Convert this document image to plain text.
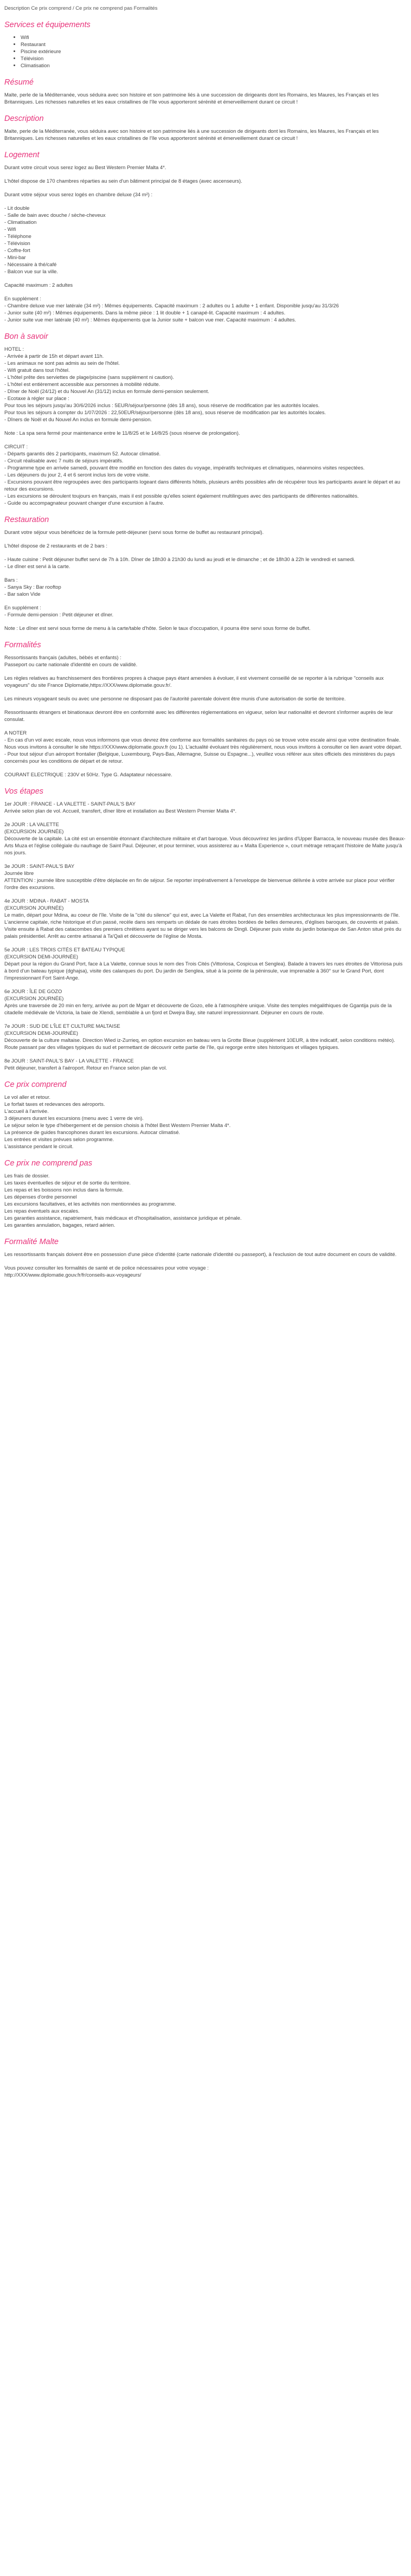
Description Ce prix comprend / Ce prix ne comprend pas Formalités
Services et équipements
• Wifi
• Restaurant
• Piscine extérieure
• Télévision
• Climatisation
Résumé

Malte, perle de la Méditerranée, vous séduira avec son histoire et son patrimoine liés à une succession de dirigeants dont les Romains, les Maures, les Français et les Britanniques. Les richesses naturelles et les eaux cristallines de l'île vous apporteront sérénité et émerveillement durant ce circuit !

Description

Malte, perle de la Méditerranée, vous séduira avec son histoire et son patrimoine liés à une succession de dirigeants dont les Romains, les Maures, les Français et les Britanniques. Les richesses naturelles et les eaux cristallines de l'île vous apporteront sérénité et émerveillement durant ce circuit !

Logement

Durant votre circuit vous serez logez au Best Western Premier Malta 4*.

L'hôtel dispose de 170 chambres réparties au sein d'un bâtiment principal de 8 étages (avec ascenseurs).

Durant votre séjour vous serez logés en chambre deluxe (34 m²) :

- Lit double
- Salle de bain avec douche / sèche-cheveux
- Climatisation
- Wifi
- Téléphone
- Télévision
- Coffre-fort
- Mini-bar
- Nécessaire à thé/café
- Balcon vue sur la ville.

Capacité maximum : 2 adultes

En supplément :
- Chambre deluxe vue mer latérale (34 m²) : Mêmes équipements. Capacité maximum : 2 adultes ou 1 adulte + 1 enfant. Disponible jusqu'au 31/3/26
- Junior suite (40 m²) : Mêmes équipements. Dans la même pièce : 1 lit double + 1 canapé-lit. Capacité maximum : 4 adultes.
- Junior suite vue mer latérale (40 m²) : Mêmes équipements que la Junior suite + balcon vue mer. Capacité maximum : 4 adultes.

Bon à savoir

HOTEL :
- Arrivée à partir de 15h et départ avant 11h.
- Les animaux ne sont pas admis au sein de l'hôtel.
- Wifi gratuit dans tout l'hôtel.
- L'hôtel prête des serviettes de plage/piscine (sans supplément ni caution).
- L'hôtel est entièrement accessible aux personnes à mobilité réduite.
- Dîner de Noël (24/12) et du Nouvel An (31/12) inclus en formule demi-pension seulement.
- Ecotaxe à régler sur place :
Pour tous les séjours jusqu'au 30/6/2026 inclus : 5EUR/séjour/personne (dès 18 ans), sous réserve de modification par les autorités locales.
Pour tous les séjours à compter du 1/07/2026 : 22,50EUR/séjour/personne (dès 18 ans), sous réserve de modification par les autorités locales.
- Dîners de Noël et du Nouvel An inclus en formule demi-pension.

Note : La spa sera fermé pour maintenance entre le 11/8/25 et le 14/8/25 (sous réserve de prolongation).

CIRCUIT :
- Départs garantis dès 2 participants, maximum 52. Autocar climatisé.
- Circuit réalisable avec 7 nuits de séjours impératifs.
- Programme type en arrivée samedi, pouvant être modifié en fonction des dates du voyage, impératifs techniques et climatiques, néanmoins visites respectées.
- Les déjeuners du jour 2, 4 et 6 seront inclus lors de votre visite.
- Excursions pouvant être regroupées avec des participants logeant dans différents hôtels, plusieurs arrêts possibles afin de récupérer tous les participants avant le départ et au retour des excursions.
- Les excursions se déroulent toujours en français, mais il est possible qu'elles soient également multilingues avec des participants de différentes nationalités.
- Guide ou accompagnateur pouvant changer d'une excursion à l'autre.

Restauration

Durant votre séjour vous bénéficiez de la formule petit-déjeuner (servi sous forme de buffet au restaurant principal).

L'hôtel dispose de 2 restaurants et de 2 bars :

- Haute cuisine : Petit déjeuner buffet servi de 7h à 10h. Dîner de 18h30 à 21h30 du lundi au jeudi et le dimanche ; et de 18h30 à 22h le vendredi et samedi.
- Le dîner est servi à la carte.

Bars :
- Sanya Sky : Bar rooftop
- Bar salon Vide

En supplément :
- Formule demi-pension : Petit déjeuner et dîner.

Note : Le dîner est servi sous forme de menu à la carte/table d'hôte. Selon le taux d'occupation, il pourra être servi sous forme de buffet.

Formalités

Ressortissants français (adultes, bébés et enfants) :
Passeport ou carte nationale d'identité en cours de validité.

Les règles relatives au franchissement des frontières propres à chaque pays étant amenées à évoluer, il est vivement conseillé de se reporter à la rubrique "conseils aux voyageurs" du site France Diplomatie,https://XXX/www.diplomatie.gouv.fr/.

Les mineurs voyageant seuls ou avec une personne ne disposant pas de l'autorité parentale doivent être munis d'une autorisation de sortie de territoire.

Ressortissants étrangers et binationaux devront être en conformité avec les différentes réglementations en vigueur, selon leur nationalité et devront s'informer auprès de leur consulat.

A NOTER
- En cas d'un vol avec escale, nous vous informons que vous devrez être conforme aux formalités sanitaires du pays où se trouve votre escale ainsi que votre destination finale.
Nous vous invitons à consulter le site https://XXX/www.diplomatie.gouv.fr (ou 1). L'actualité évoluant très régulièrement, nous vous invitons à consulter ce lien avant votre départ.
- Pour tout séjour d'un aéroport frontalier (Belgique, Luxembourg, Pays-Bas, Allemagne, Suisse ou Espagne...), veuillez vous référer aux sites officiels des ministères du pays concernés pour les conditions de départ et de retour.

COURANT ELECTRIQUE : 230V et 50Hz. Type G. Adaptateur nécessaire.

Vos étapes

1er JOUR : FRANCE - LA VALETTE - SAINT-PAUL'S BAY
Arrivée selon plan de vol. Accueil, transfert, dîner libre et installation au Best Western Premier Malta 4*.

2e JOUR : LA VALETTE
(EXCURSION JOURNÉE)
Découverte de la capitale. La cité est un ensemble étonnant d'architecture militaire et d'art baroque. Vous découvrirez les jardins d'Upper Barracca, le nouveau musée des Beaux-Arts Muza et l'église collégiale du naufrage de Saint Paul. Déjeuner, et pour terminer, vous assisterez au « Malta Experience », court métrage retraçant l'histoire de Malte jusqu'à nos jours.

3e JOUR : SAINT-PAUL'S BAY
Journée libre
ATTENTION : journée libre susceptible d'être déplacée en fin de séjour. Se reporter impérativement à l'enveloppe de bienvenue délivrée à votre arrivée sur place pour vérifier l'ordre des excursions.

4e JOUR : MDINA - RABAT - MOSTA
(EXCURSION JOURNÉE)
Le matin, départ pour Mdina, au coeur de l'île. Visite de la "cité du silence" qui est, avec La Valette et Rabat, l'un des ensembles architecturaux les plus impressionnants de l'île. L'ancienne capitale, riche historique et d'un passé, recèle dans ses remparts un dédale de rues étroites bordées de belles demeures, d'églises baroques, de couvents et palais. Visite ensuite à Rabat des catacombes des premiers chrétiens ayant su se diriger vers les balcons de Dingli. Déjeuner puis visite du jardin botanique de San Anton situé près du palais présidentiel. Arrêt au centre artisanal à Ta'Qali et découverte de l'église de Mosta.

5e JOUR : LES TROIS CITÉS ET BATEAU TYPIQUE
(EXCURSION DEMI-JOURNÉE)
Départ pour la région du Grand Port, face à La Valette, connue sous le nom des Trois Cités (Vittoriosa, Cospicua et Senglea). Balade à travers les rues étroites de Vittoriosa puis à bord d'un bateau typique (dghajsa), visite des calanques du port. Du jardin de Senglea, situé à la pointe de la péninsule, vue imprenable à 360° sur le Grand Port, dont l'impressionnant Fort Saint-Ange.

6e JOUR : ÎLE DE GOZO
(EXCURSION JOURNÉE)
Après une traversée de 20 min en ferry, arrivée au port de Mgarr et découverte de Gozo, elle à l'atmosphère unique. Visite des temples mégalithiques de Ggantija puis de la citadelle médiévale de Victoria, la baie de Xlendi, semblable à un fjord et Dwejra Bay, site naturel impressionnant. Déjeuner en cours de route.

7e JOUR : SUD DE L'ÎLE ET CULTURE MALTAISE
(EXCURSION DEMI-JOURNÉE)
Découverte de la culture maltaise. Direction Wied iz-Zurrieq, en option excursion en bateau vers la Grotte Bleue (supplément 10EUR, à titre indicatif, selon conditions météo). Route passant par des villages typiques du sud et permettant de découvrir cette partie de l'île, qui regorge entre sites historiques et villages typiques.

8e JOUR : SAINT-PAUL'S BAY - LA VALETTE - FRANCE
Petit déjeuner, transfert à l'aéroport. Retour en France selon plan de vol.

Ce prix comprend

Le vol aller et retour.
Le forfait taxes et redevances des aéroports.
L'accueil à l'arrivée.
3 déjeuners durant les excursions (menu avec 1 verre de vin).
Le séjour selon le type d'hébergement et de pension choisis à l'hôtel Best Western Premier Malta 4*.
La présence de guides francophones durant les excursions. Autocar climatisé.
Les entrées et visites prévues selon programme.
L'assistance pendant le circuit.

Ce prix ne comprend pas

Les frais de dossier.
Les taxes éventuelles de séjour et de sortie du territoire.
Les repas et les boissons non inclus dans la formule.
Les dépenses d'ordre personnel
Les excursions facultatives, et les activités non mentionnées au programme.
Les repas éventuels aux escales.
Les garanties assistance, rapatriement, frais médicaux et d'hospitalisation, assistance juridique et pénale.
Les garanties annulation, bagages, retard aérien.

Formalité Malte

Les ressortissants français doivent être en possession d'une pièce d'identité (carte nationale d'identité ou passeport), à l'exclusion de tout autre document en cours de validité.

Vous pouvez consulter les formalités de santé et de police nécessaires pour votre voyage :
http://XXX/www.diplomatie.gouv.fr/fr/conseils-aux-voyageurs/
